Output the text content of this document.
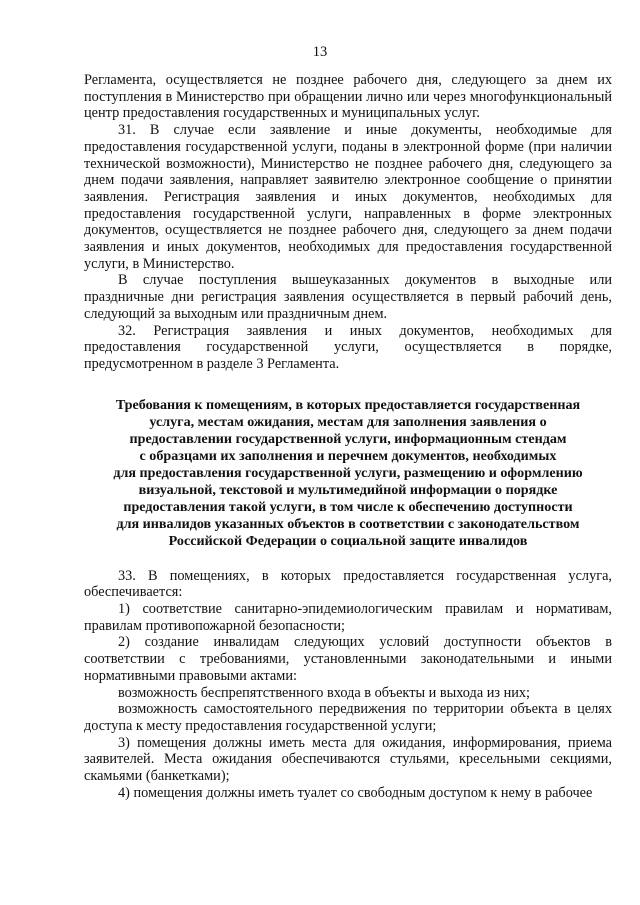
13

Регламента, осуществляется не позднее рабочего дня, следующего за днем их поступления в Министерство при обращении лично или через многофункциональный центр предоставления государственных и муниципальных услуг.

31. В случае если заявление и иные документы, необходимые для предоставления государственной услуги, поданы в электронной форме (при наличии технической возможности), Министерство не позднее рабочего дня, следующего за днем подачи заявления, направляет заявителю электронное сообщение о принятии заявления. Регистрация заявления и иных документов, необходимых для предоставления государственной услуги, направленных в форме электронных документов, осуществляется не позднее рабочего дня, следующего за днем подачи заявления и иных документов, необходимых для предоставления государственной услуги, в Министерство.

В случае поступления вышеуказанных документов в выходные или праздничные дни регистрация заявления осуществляется в первый рабочий день, следующий за выходным или праздничным днем.

32. Регистрация заявления и иных документов, необходимых для предоставления государственной услуги, осуществляется в порядке, предусмотренном в разделе 3 Регламента.

Требования к помещениям, в которых предоставляется государственная
услуга, местам ожидания, местам для заполнения заявления о
предоставлении государственной услуги, информационным стендам
с образцами их заполнения и перечнем документов, необходимых
для предоставления государственной услуги, размещению и оформлению
визуальной, текстовой и мультимедийной информации о порядке
предоставления такой услуги, в том числе к обеспечению доступности
для инвалидов указанных объектов в соответствии с законодательством
Российской Федерации о социальной защите инвалидов

33. В помещениях, в которых предоставляется государственная услуга, обеспечивается:

1) соответствие санитарно-эпидемиологическим правилам и нормативам, правилам противопожарной безопасности;

2) создание инвалидам следующих условий доступности объектов в соответствии с требованиями, установленными законодательными и иными нормативными правовыми актами:

возможность беспрепятственного входа в объекты и выхода из них;

возможность самостоятельного передвижения по территории объекта в целях доступа к месту предоставления государственной услуги;

3) помещения должны иметь места для ожидания, информирования, приема заявителей. Места ожидания обеспечиваются стульями, кресельными секциями, скамьями (банкетками);

4) помещения должны иметь туалет со свободным доступом к нему в рабочее
